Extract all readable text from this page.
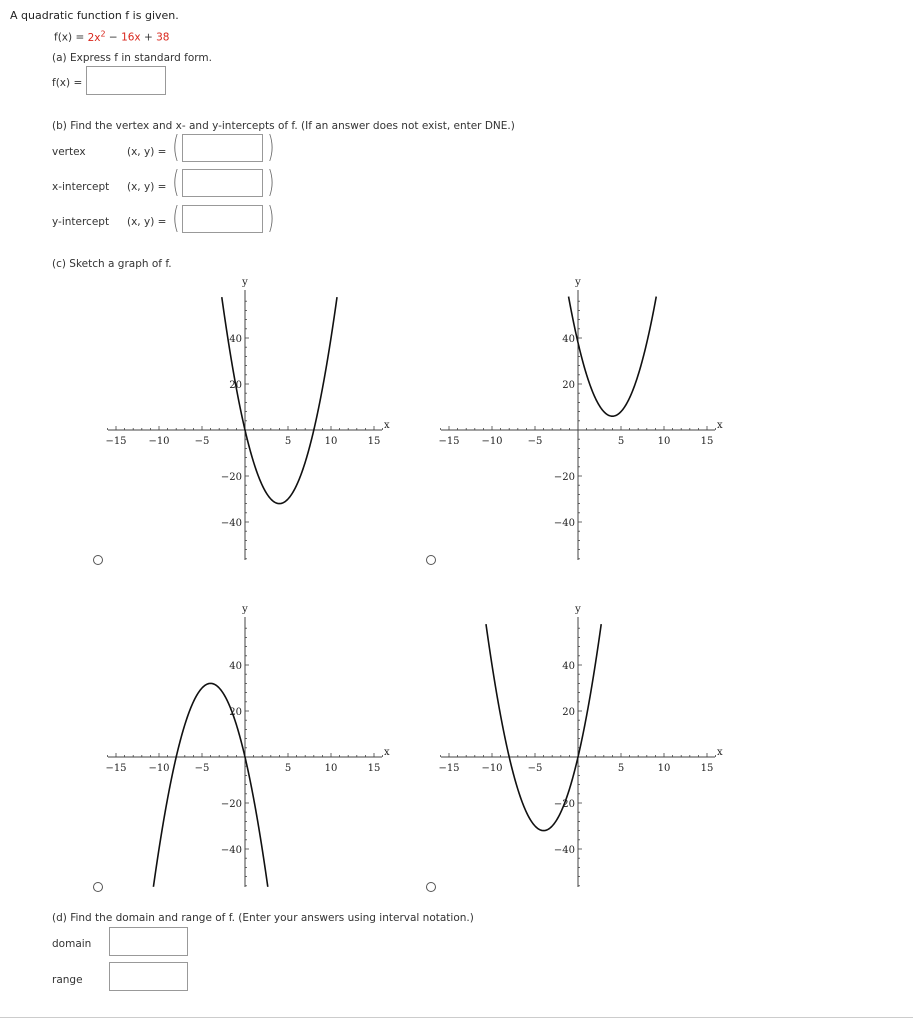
A quadratic function f is given.
$f(x) = 2x^2 - 16x + 38$
(a) Express f in standard form.
f(x) =
(b) Find the vertex and x- and y-intercepts of f. (If an answer does not exist, enter DNE.)
vertex	(x, y) = (	)
x-intercept (x, y) = (	)
y-intercept (x, y) = (	)
(c) Sketch a graph of f.
−15 −10	−5	5	10	15
−40
−20
20
40
x
y
−15 −10	−5	5	10	15
−40
−20
20
40
x
y
−15 −10	−5	5	10	15
−40
−20
20
40
x
y
−15 −10	−5	5	10	15
−40
−20
20
40
x
y
(d) Find the domain and range of f. (Enter your answers using interval notation.)
domain
range
